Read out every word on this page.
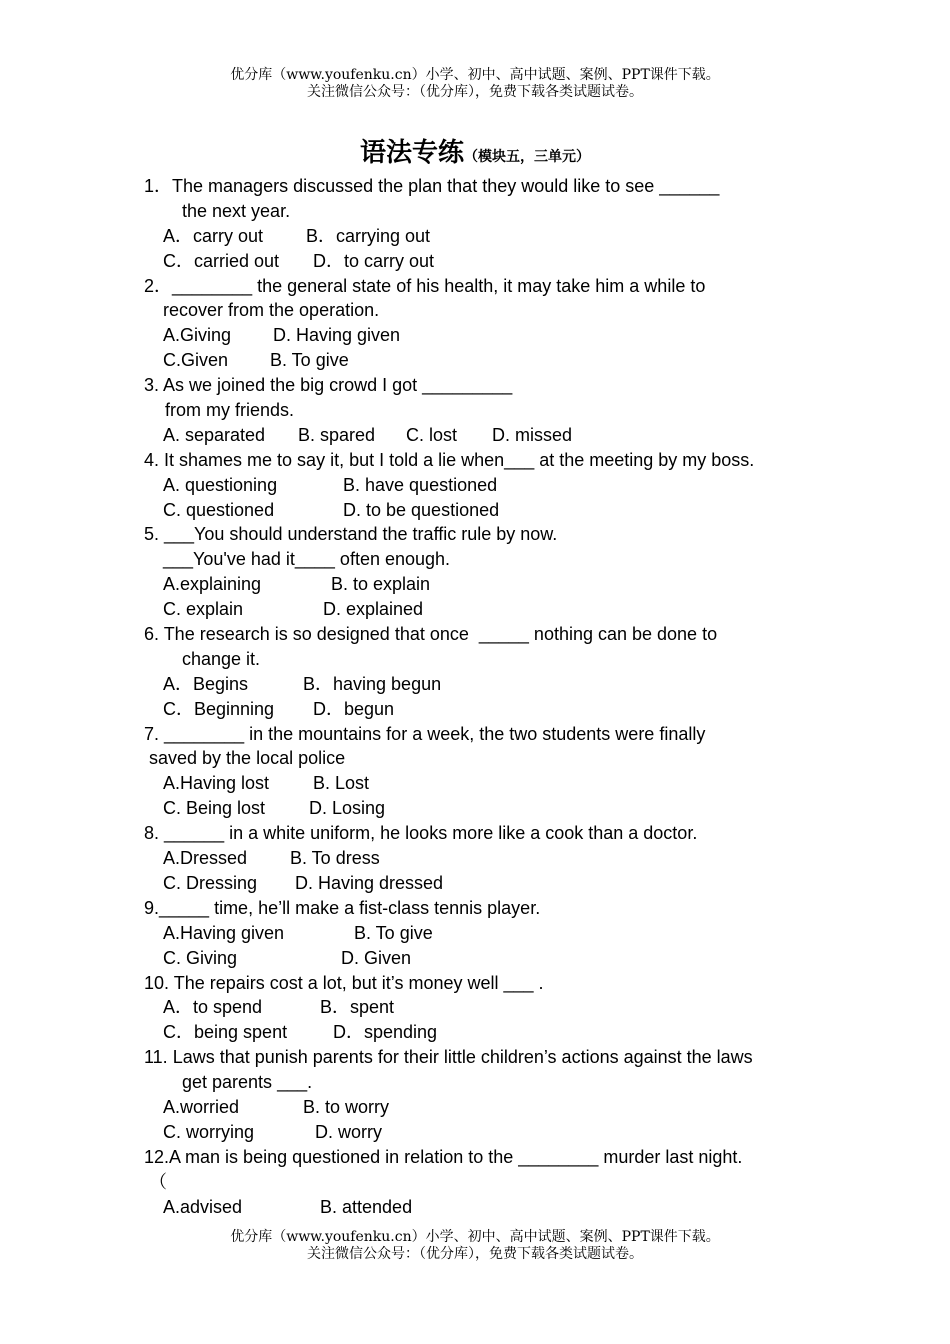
优分库（www.youfenku.cn）小学、初中、高中试题、案例、PPT课件下载。
关注微信公众号：（优分库），免费下载各类试题试卷。
语法专练（模块五，三单元）
1．The managers discussed the plan that they would like to see ______
the next year.
A．carry out B．carrying out
C．carried out D．to carry out
2．________ the general state of his health, it may take him a while to
recover from the operation.
A.Giving D. Having given
C.Given B. To give
3. As we joined the big crowd I got _________
from my friends.
A. separated B. spared C. lost D. missed
4. It shames me to say it, but I told a lie when___ at the meeting by my boss.
A. questioning	B. have questioned
C. questioned	D. to be questioned
5. ___You should understand the traffic rule by now.
___You've had it____ often enough.
A.explaining	B. to explain
C. explain	D. explained
6. The research is so designed that once  _____ nothing can be done to
change it.
A．Begins	B．having begun
C．Beginning D．begun
7. ________ in the mountains for a week, the two students were finally
saved by the local police
A.Having lost B. Lost
C. Being lost D. Losing
8. ______ in a white uniform, he looks more like a cook than a doctor.
A.Dressed B. To dress
C. Dressing D. Having dressed
9._____ time, he’ll make a fist-class tennis player.
A.Having given	B. To give
C. Giving	D. Given
10. The repairs cost a lot, but it’s money well ___ .
A．to spend	B．spent
C．being spent	D．spending
11. Laws that punish parents for their little children’s actions against the laws
get parents ___.
A.worried	B. to worry
C. worrying	D. worry
12.A man is being questioned in relation to the ________ murder last night.
（
A.advised	B. attended
优分库（www.youfenku.cn）小学、初中、高中试题、案例、PPT课件下载。
关注微信公众号：（优分库），免费下载各类试题试卷。
